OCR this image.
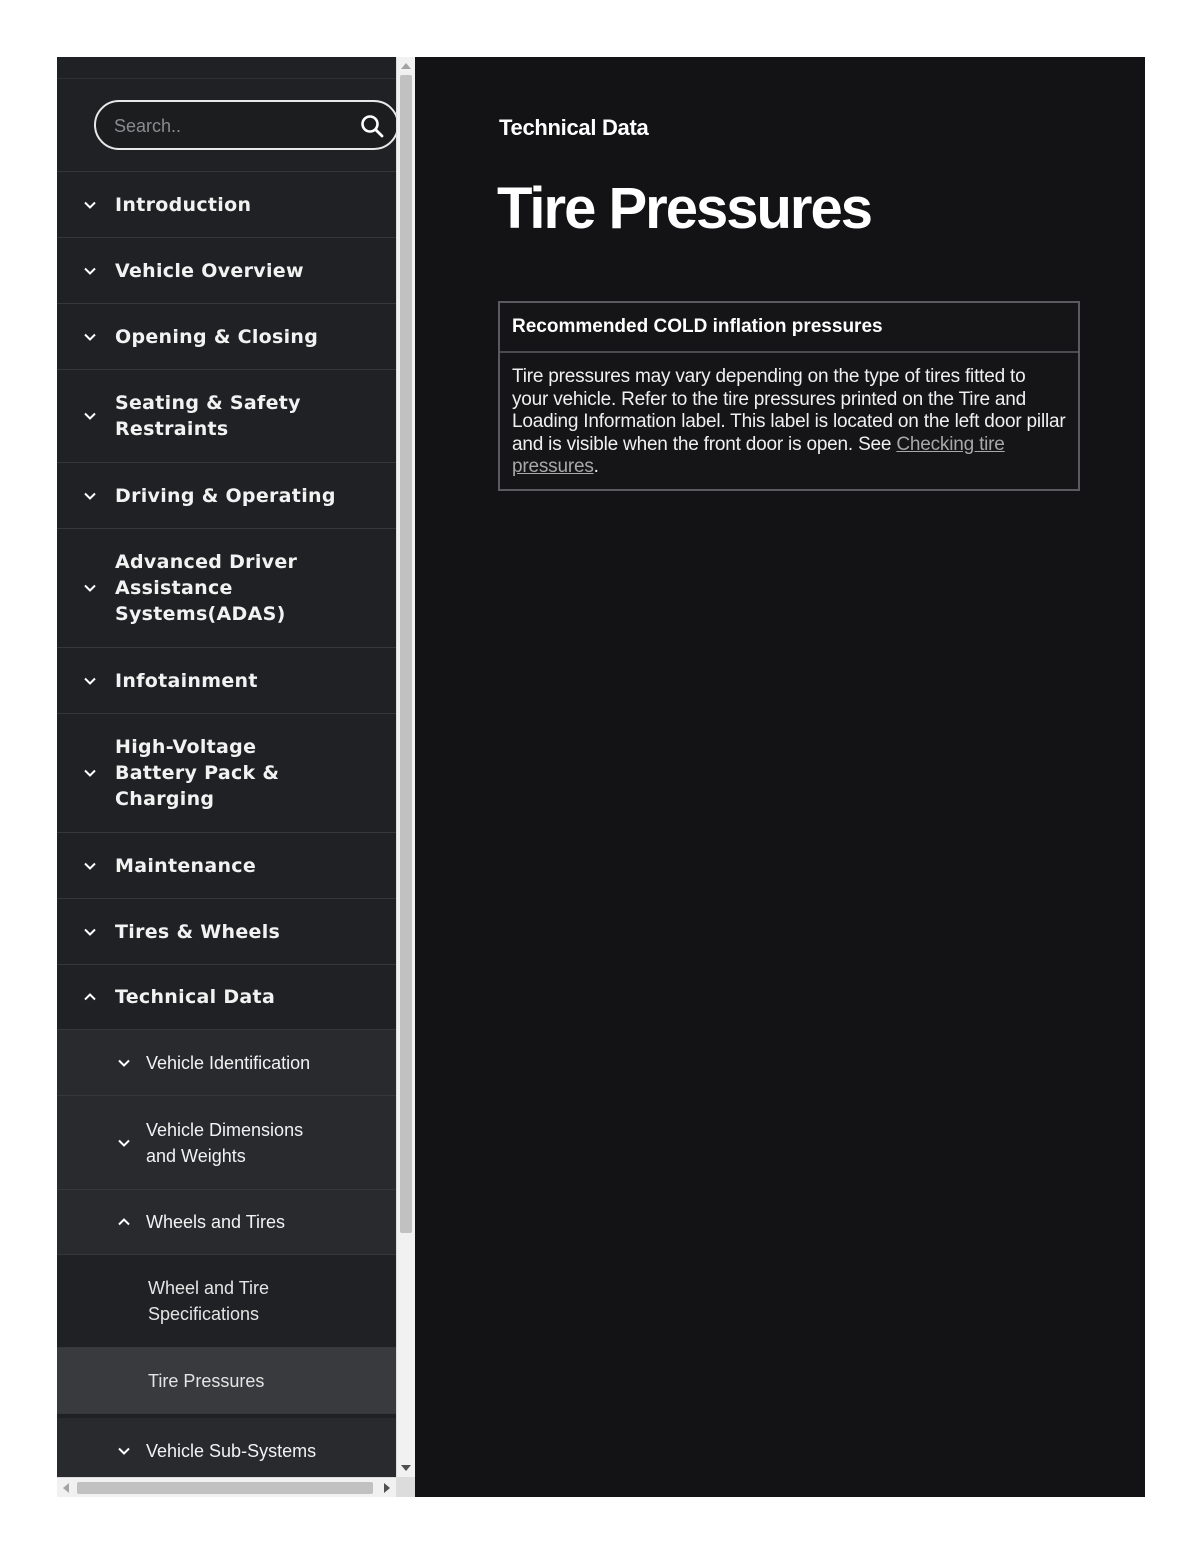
Search..
Introduction
Vehicle Overview
Opening & Closing
Seating & Safety Restraints
Driving & Operating
Advanced Driver Assistance Systems(ADAS)
Infotainment
High-Voltage Battery Pack & Charging
Maintenance
Tires & Wheels
Technical Data
Vehicle Identification
Vehicle Dimensions and Weights
Wheels and Tires
Wheel and Tire Specifications
Tire Pressures
Vehicle Sub-Systems
Technical Data
Tire Pressures
Recommended COLD inflation pressures
Tire pressures may vary depending on the type of tires fitted to your vehicle. Refer to the tire pressures printed on the Tire and Loading Information label. This label is located on the left door pillar and is visible when the front door is open. See Checking tire pressures.
